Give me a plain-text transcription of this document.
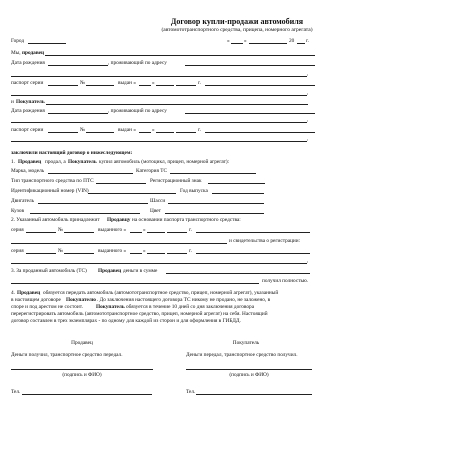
Договор купли-продажи автомобиля
(автомототранспортного средства, прицепа, номерного агрегата)
Город	«	»	20 г.
Мы, продавец
Дата рождения	, проживающий по адресу
,
паспорт серии	№	выдан «	»	г.
,
и Покупатель
Дата рождения	, проживающий по адресу
,
паспорт серии	№	выдан «	»	г.
,
заключили настоящий договор о нижеследующем:
1. Продавец продал, а Покупатель купил автомобиль (мотоцикл, прицеп, номерной агрегат):
Марка, модель	Категория ТС
Тип транспортного средства по ПТС	Регистрационный знак
Идентификационный номер (VIN)	Год выпуска
Двигатель	Шасси
Кузов	Цвет
2. Указанный автомобиль принадлежит Продавцу на основании паспорта транспортного средства:
серия	№	выданного «	»	г.
и свидетельства о регистрации:
серия	№	выданного «	»	г.
,
3. За проданный автомобиль (ТС) Продавец деньги в сумме
получил полностью.
4. Продавец обязуется передать автомобиль (автомототранспортное средство, прицеп, номерной агрегат), указанный
в настоящем договоре Покупателю . До заключения настоящего договора ТС никому не продано, не заложено, в
споре и под арестом не состоит. Покупатель обязуется в течение 10 дней со дня заключения договора
перерегистрировать автомобиль (автомототранспортное средство, прицеп, номерной агрегат) на себя. Настоящий
договор составлен в трех экземплярах - по одному для каждой из сторон и для оформления в ГИБДД.
Продавец	Покупатель
Деньги получил, транспортное средство передал.	Деньги передал, транспортное средство получил.
(подпись и ФИО)	(подпись и ФИО)
Тел.	Тел.
